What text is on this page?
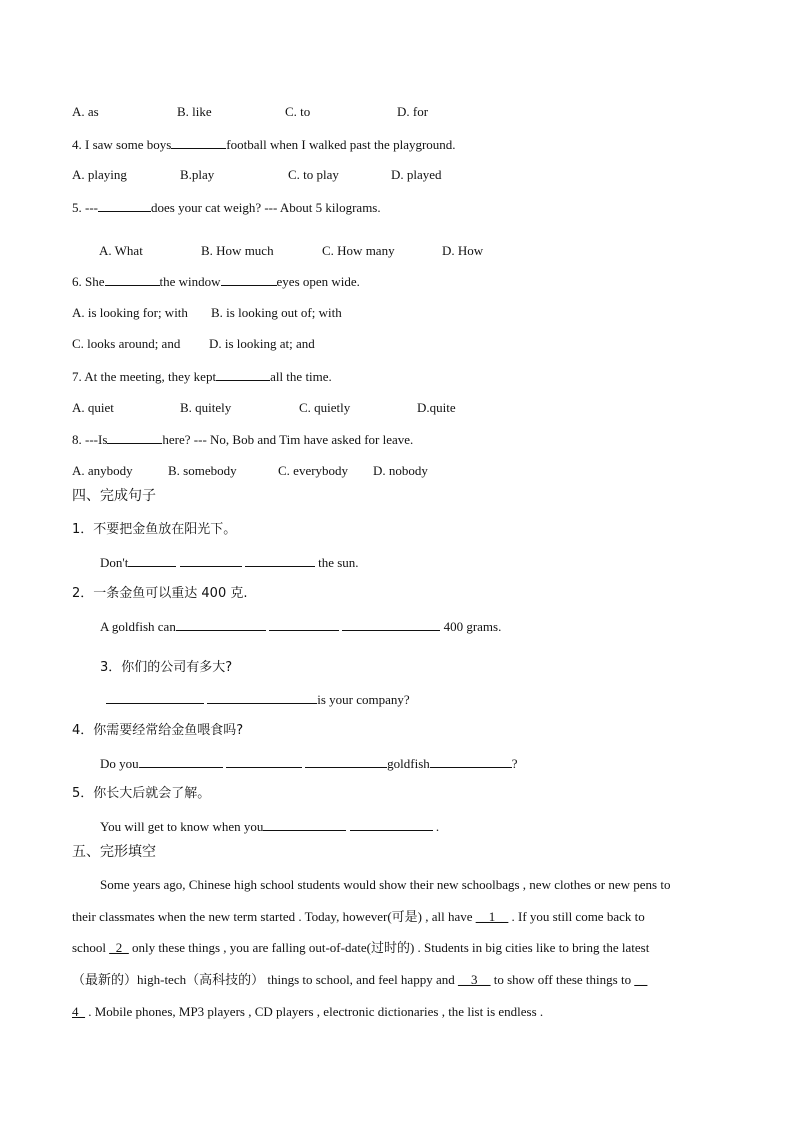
A. as	B. like	C. to	D. for
4. I saw some boys	football when I walked past the playground.
A. playing	B.play	C. to play	D. played
5. ---	does your cat weigh? --- About 5 kilograms.
A. What	B. How much	C. How many	D. How
6. She	the window	eyes open wide.
A. is looking for; with B. is looking out of; with
C. looks around; and D. is looking at; and
7. At the meeting, they kept	all the time.
A. quiet	B. quitely	C. quietly	D.quite
8. ---Is	here? --- No, Bob and Tim have asked for leave.
A. anybody	B. somebody	C. everybody D. nobody
四、完成句子
1．不要把金鱼放在阳光下。
Don't	the sun.
2．一条金鱼可以重达 400 克.
A goldfish can	400 grams.
3．你们的公司有多大?
is your company?
4．你需要经常给金鱼喂食吗?
Do you	goldfish	?
5．你长大后就会了解。
You will get to know when you	.
五、完形填空
Some years ago, Chinese high school students would show their new schoolbags , new clothes or new pens to
their classmates when the new term started . Today, however(可是) , all have __1__ . If you still come back to
school _2_ only these things , you are falling out-of-date(过时的) . Students in big cities like to bring the latest
（最新的）high-tech（高科技的） things to school, and feel happy and __3__ to show off these things to __
4_ . Mobile phones, MP3 players , CD players , electronic dictionaries , the list is endless .
